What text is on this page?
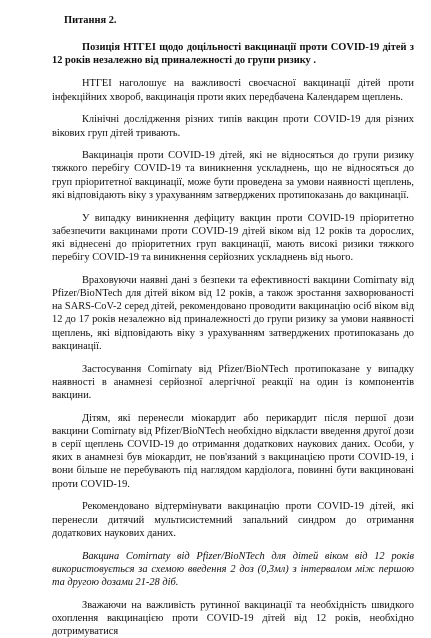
Питання 2.
Позиція НТГЕІ щодо доцільності вакцинації проти COVID-19 дітей з 12 років незалежно від приналежності до групи ризику .

НТГЕІ наголошує на важливості своєчасної вакцинації дітей проти інфекційних хвороб, вакцинація проти яких передбачена Календарем щеплень.

Клінічні дослідження різних типів вакцин проти COVID-19 для різних вікових груп дітей тривають.

Вакцинація проти COVID-19 дітей, які не відносяться до групи ризику тяжкого перебігу COVID-19 та виникнення ускладнень, що не відносяться до груп пріоритетної вакцинації, може бути проведена за умови наявності щеплень, які відповідають віку з урахуванням затверджених протипоказань до вакцинації.

У випадку виникнення дефіциту вакцин проти COVID-19 пріоритетно забезпечити вакцинами проти COVID-19 дітей віком від 12 років та дорослих, які віднесені до пріоритетних груп вакцинації, мають високі ризики тяжкого перебігу COVID-19 та виникнення серйозних ускладнень від нього.

Враховуючи наявні дані з безпеки та ефективності вакцини Comirnaty від Pfizer/BioNTech для дітей віком від 12 років, а також зростання захворюваності на SARS-CoV-2 серед дітей, рекомендовано проводити вакцинацію осіб віком від 12 до 17 років незалежно від приналежності до групи ризику за умови наявності щеплень, які відповідають віку з урахуванням затверджених протипоказань до вакцинації.

Застосування Comirnaty від Pfizer/BioNTech протипоказане у випадку наявності в анамнезі серйозної алергічної реакції на один із компонентів вакцини.

Дітям, які перенесли міокардит або перикардит після першої дози вакцини Comirnaty від Pfizer/BioNTech необхідно відкласти введення другої дози в серії щеплень COVID-19 до отримання додаткових наукових даних. Особи, у яких в анамнезі був міокардит, не пов'язаний з вакцинацією проти COVID-19, і вони більше не перебувають під наглядом кардіолога, повинні бути вакциновані проти COVID-19.

Рекомендовано відтермінувати вакцинацію проти COVID-19 дітей, які перенесли дитячий мультисистемний запальний синдром до отримання додаткових наукових даних.

Вакцина Comirnaty від Pfizer/BioNTech для дітей віком від 12 років використовується за схемою введення 2 доз (0,3мл) з інтервалом між першою та другою дозами 21-28 діб.

Зважаючи на важливість рутинної вакцинації та необхідність швидкого охоплення вакцинацією проти COVID-19 дітей від 12 років, необхідно дотримуватися
